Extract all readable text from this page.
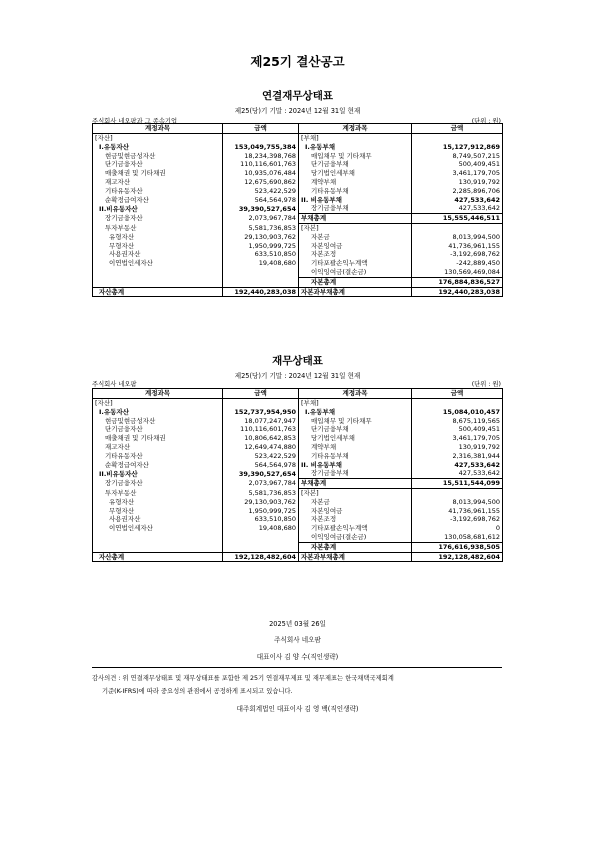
제25기 결산공고
연결재무상태표
제25(당)기 기말 : 2024년 12월 31일 현재
주식회사 네오팜과 그 종속기업	(단위 : 원)
계정과목	금액	계정과목	금액
[자산]		[부채]	
I.유동자산	153,049,755,384	I.유동부채	15,127,912,869
현금및현금성자산	18,234,398,768	매입채무 및 기타채무	8,749,507,215
단기금융자산	110,116,601,763	단기금융부채	500,409,451
매출채권 및 기타채권	10,935,076,484	당기법인세부채	3,461,179,705
재고자산	12,675,690,862	계약부채	130,919,792
기타유동자산	523,422,529	기타유동부채	2,285,896,706
순확정급여자산	564,564,978	II. 비유동부채	427,533,642
II.비유동자산	39,390,527,654	장기금융부채	427,533,642
장기금융자산	2,073,967,784	부채총계	15,555,446,511
투자부동산	5,581,736,853	[자본]	
유형자산	29,130,903,762	자본금	8,013,994,500
무형자산	1,950,999,725	자본잉여금	41,736,961,155
사용권자산	633,510,850	자본조정	-3,192,698,762
이연법인세자산	19,408,680	기타포괄손익누계액	-242,889,450
		이익잉여금(결손금)	130,569,469,084
		자본총계	176,884,836,527
자산총계	192,440,283,038	자본과부채총계	192,440,283,038
재무상태표
제25(당)기 기말 : 2024년 12월 31일 현재
주식회사 네오팜	(단위 : 원)
계정과목	금액	계정과목	금액
[자산]		[부채]	
I.유동자산	152,737,954,950	I.유동부채	15,084,010,457
현금및현금성자산	18,077,247,947	매입채무 및 기타채무	8,675,119,565
단기금융자산	110,116,601,763	단기금융부채	500,409,451
매출채권 및 기타채권	10,806,642,853	당기법인세부채	3,461,179,705
재고자산	12,649,474,880	계약부채	130,919,792
기타유동자산	523,422,529	기타유동부채	2,316,381,944
순확정급여자산	564,564,978	II. 비유동부채	427,533,642
II.비유동자산	39,390,527,654	장기금융부채	427,533,642
장기금융자산	2,073,967,784	부채총계	15,511,544,099
투자부동산	5,581,736,853	[자본]	
유형자산	29,130,903,762	자본금	8,013,994,500
무형자산	1,950,999,725	자본잉여금	41,736,961,155
사용권자산	633,510,850	자본조정	-3,192,698,762
이연법인세자산	19,408,680	기타포괄손익누계액	0
		이익잉여금(결손금)	130,058,681,612
		자본총계	176,616,938,505
자산총계	192,128,482,604	자본과부채총계	192,128,482,604
2025년 03월 26일
주식회사 네오팜
대표이사 김 양 수(직인생략)
감사의견 : 위 연결재무상태표 및 재무상태표를 포함한 제 25기 연결재무제표 및 재무제표는 한국채택국제회계
기준(K-IFRS)에 따라 중요성의 관점에서 공정하게 표시되고 있습니다.
대주회계법인 대표이사 김 영 백(직인생략)
